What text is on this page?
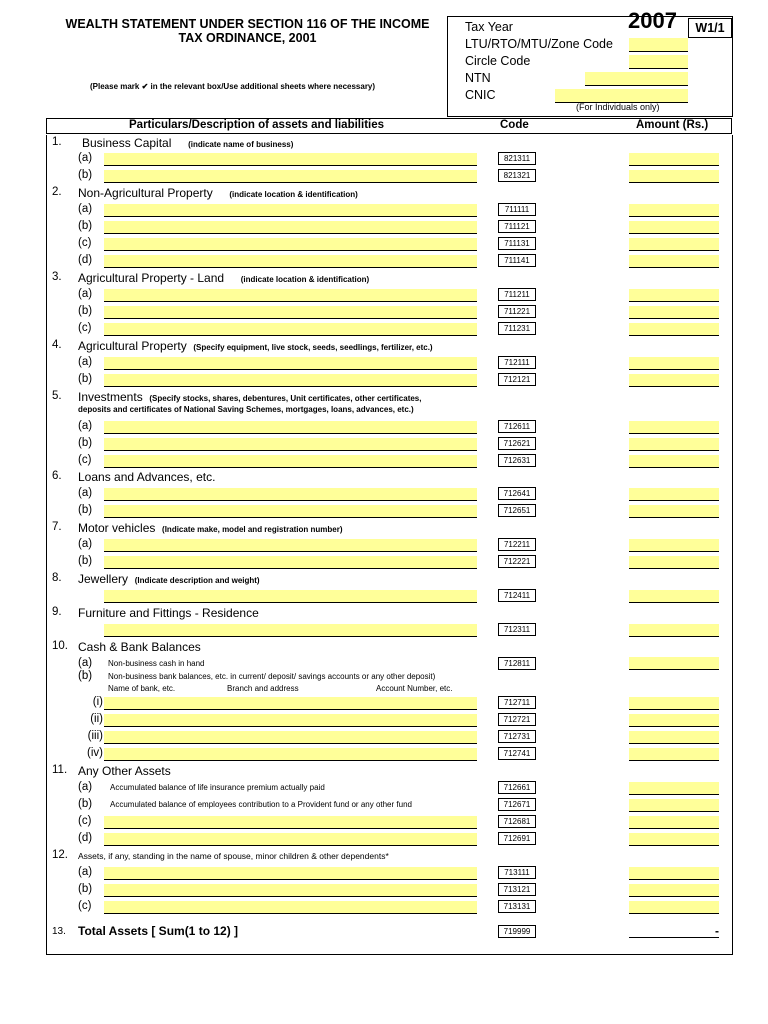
WEALTH STATEMENT UNDER SECTION 116 OF THE INCOME
TAX ORDINANCE, 2001
(Please mark ✔ in the relevant box/Use additional sheets where necessary)
2007	W1/1
Tax Year
LTU/RTO/MTU/Zone Code
Circle Code
NTN
CNIC
(For Individuals only)
Particulars/Description of assets and liabilities	Code	Amount (Rs.)
1. Business Capital (indicate name of business)
(a)	821311
(b)	821321
2. Non-Agricultural Property (indicate location & identification)
(a)	711111
(b)	711121
(c)	711131
(d)	711141
3. Agricultural Property - Land (indicate location & identification)
(a)	711211
(b)	711221
(c)	711231
4. Agricultural Property (Specify equipment, live stock, seeds, seedlings, fertilizer, etc.)
(a)	712111
(b)	712121
5. Investments (Specify stocks, shares, debentures, Unit certificates, other certificates,
deposits and certificates of National Saving Schemes, mortgages, loans, advances, etc.)
(a)	712611
(b)	712621
(c)	712631
6. Loans and Advances, etc.
(a)	712641
(b)	712651
7. Motor vehicles (Indicate make, model and registration number)
(a)	712211
(b)	712221
8. Jewellery (Indicate description and weight)
712411
9. Furniture and Fittings - Residence
712311
10. Cash & Bank Balances
(a) Non-business cash in hand	712811
(b) Non-business bank balances, etc. in current/ deposit/ savings accounts or any other deposit)
Name of bank, etc.	Branch and address	Account Number, etc.
(i)	712711
(ii)	712721
(iii)	712731
(iv)	712741
11. Any Other Assets
(a) Accumulated balance of life insurance premium actually paid	712661
(b) Accumulated balance of employees contribution to a Provident fund or any other fund	712671
(c)	712681
(d)	712691
12. Assets, if any, standing in the name of spouse, minor children & other dependents*
(a)	713111
(b)	713121
(c)	713131
13. Total Assets [ Sum(1 to 12) ]	719999	-
